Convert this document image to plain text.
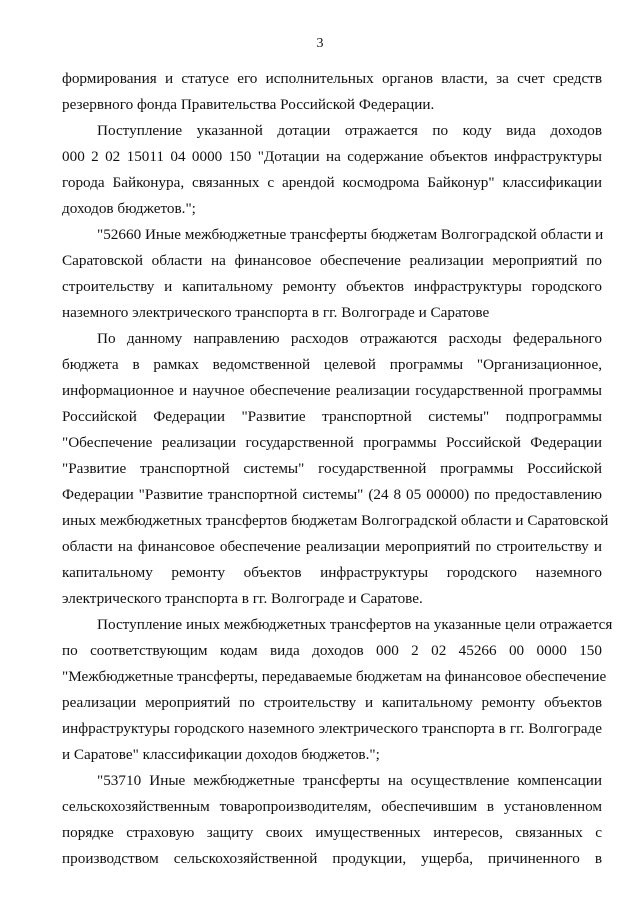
3
формирования и статусе его исполнительных органов власти, за счет средств
резервного фонда Правительства Российской Федерации.
Поступление указанной дотации отражается по коду вида доходов
000 2 02 15011 04 0000 150 "Дотации на содержание объектов инфраструктуры
города Байконура, связанных с арендой космодрома Байконур" классификации
доходов бюджетов.";
"52660 Иные межбюджетные трансферты бюджетам Волгоградской области и
Саратовской области на финансовое обеспечение реализации мероприятий по
строительству и капитальному ремонту объектов инфраструктуры городского
наземного электрического транспорта в гг. Волгограде и Саратове
По данному направлению расходов отражаются расходы федерального
бюджета в рамках ведомственной целевой программы "Организационное,
информационное и научное обеспечение реализации государственной программы
Российской Федерации "Развитие транспортной системы" подпрограммы
"Обеспечение реализации государственной программы Российской Федерации
"Развитие транспортной системы" государственной программы Российской
Федерации "Развитие транспортной системы" (24 8 05 00000) по предоставлению
иных межбюджетных трансфертов бюджетам Волгоградской области и Саратовской
области на финансовое обеспечение реализации мероприятий по строительству и
капитальному ремонту объектов инфраструктуры городского наземного
электрического транспорта в гг. Волгограде и Саратове.
Поступление иных межбюджетных трансфертов на указанные цели отражается
по соответствующим кодам вида доходов 000 2 02 45266 00 0000 150
"Межбюджетные трансферты, передаваемые бюджетам на финансовое обеспечение
реализации мероприятий по строительству и капитальному ремонту объектов
инфраструктуры городского наземного электрического транспорта в гг. Волгограде
и Саратове" классификации доходов бюджетов.";
"53710 Иные межбюджетные трансферты на осуществление компенсации
сельскохозяйственным товаропроизводителям, обеспечившим в установленном
порядке страховую защиту своих имущественных интересов, связанных с
производством сельскохозяйственной продукции, ущерба, причиненного в
